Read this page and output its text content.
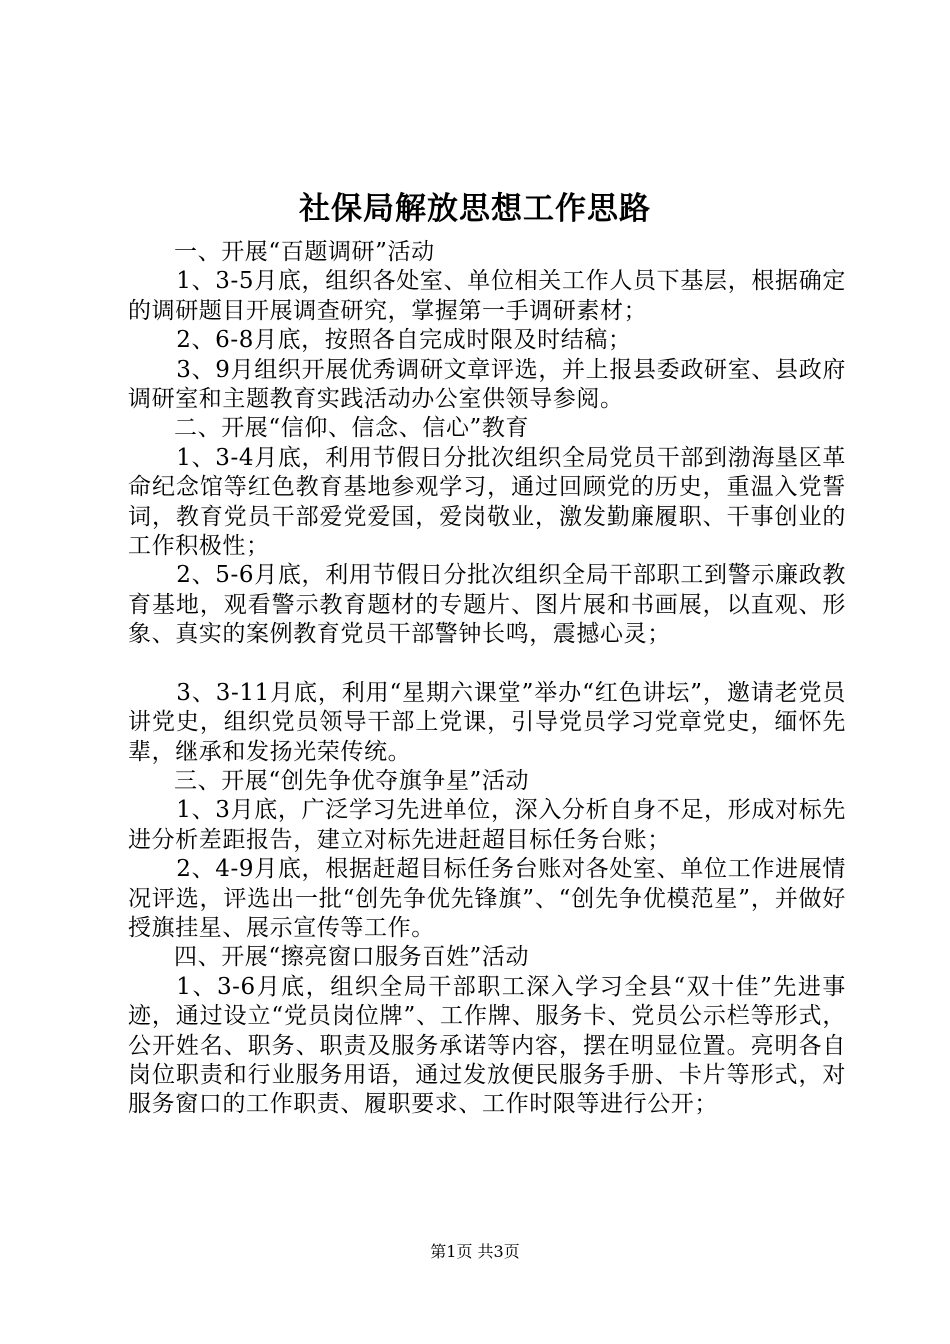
社保局解放思想工作思路

一、开展“百题调研”活动

1、3-5月底，组织各处室、单位相关工作人员下基层，根据确定的调研题目开展调查研究，掌握第一手调研素材；

2、6-8月底，按照各自完成时限及时结稿；

3、9月组织开展优秀调研文章评选，并上报县委政研室、县政府调研室和主题教育实践活动办公室供领导参阅。

二、开展“信仰、信念、信心”教育

1、3-4月底，利用节假日分批次组织全局党员干部到渤海垦区革命纪念馆等红色教育基地参观学习，通过回顾党的历史，重温入党誓词，教育党员干部爱党爱国，爱岗敬业，激发勤廉履职、干事创业的工作积极性；

2、5-6月底，利用节假日分批次组织全局干部职工到警示廉政教育基地，观看警示教育题材的专题片、图片展和书画展，以直观、形象、真实的案例教育党员干部警钟长鸣，震撼心灵；

3、3-11月底，利用“星期六课堂”举办“红色讲坛”，邀请老党员讲党史，组织党员领导干部上党课，引导党员学习党章党史，缅怀先辈，继承和发扬光荣传统。

三、开展“创先争优夺旗争星”活动

1、3月底，广泛学习先进单位，深入分析自身不足，形成对标先进分析差距报告，建立对标先进赶超目标任务台账；

2、4-9月底，根据赶超目标任务台账对各处室、单位工作进展情况评选，评选出一批“创先争优先锋旗”、“创先争优模范星”，并做好授旗挂星、展示宣传等工作。

四、开展“擦亮窗口服务百姓”活动

1、3-6月底，组织全局干部职工深入学习全县“双十佳”先进事迹，通过设立“党员岗位牌”、工作牌、服务卡、党员公示栏等形式，公开姓名、职务、职责及服务承诺等内容，摆在明显位置。亮明各自岗位职责和行业服务用语，通过发放便民服务手册、卡片等形式，对服务窗口的工作职责、履职要求、工作时限等进行公开；

第1页 共3页
